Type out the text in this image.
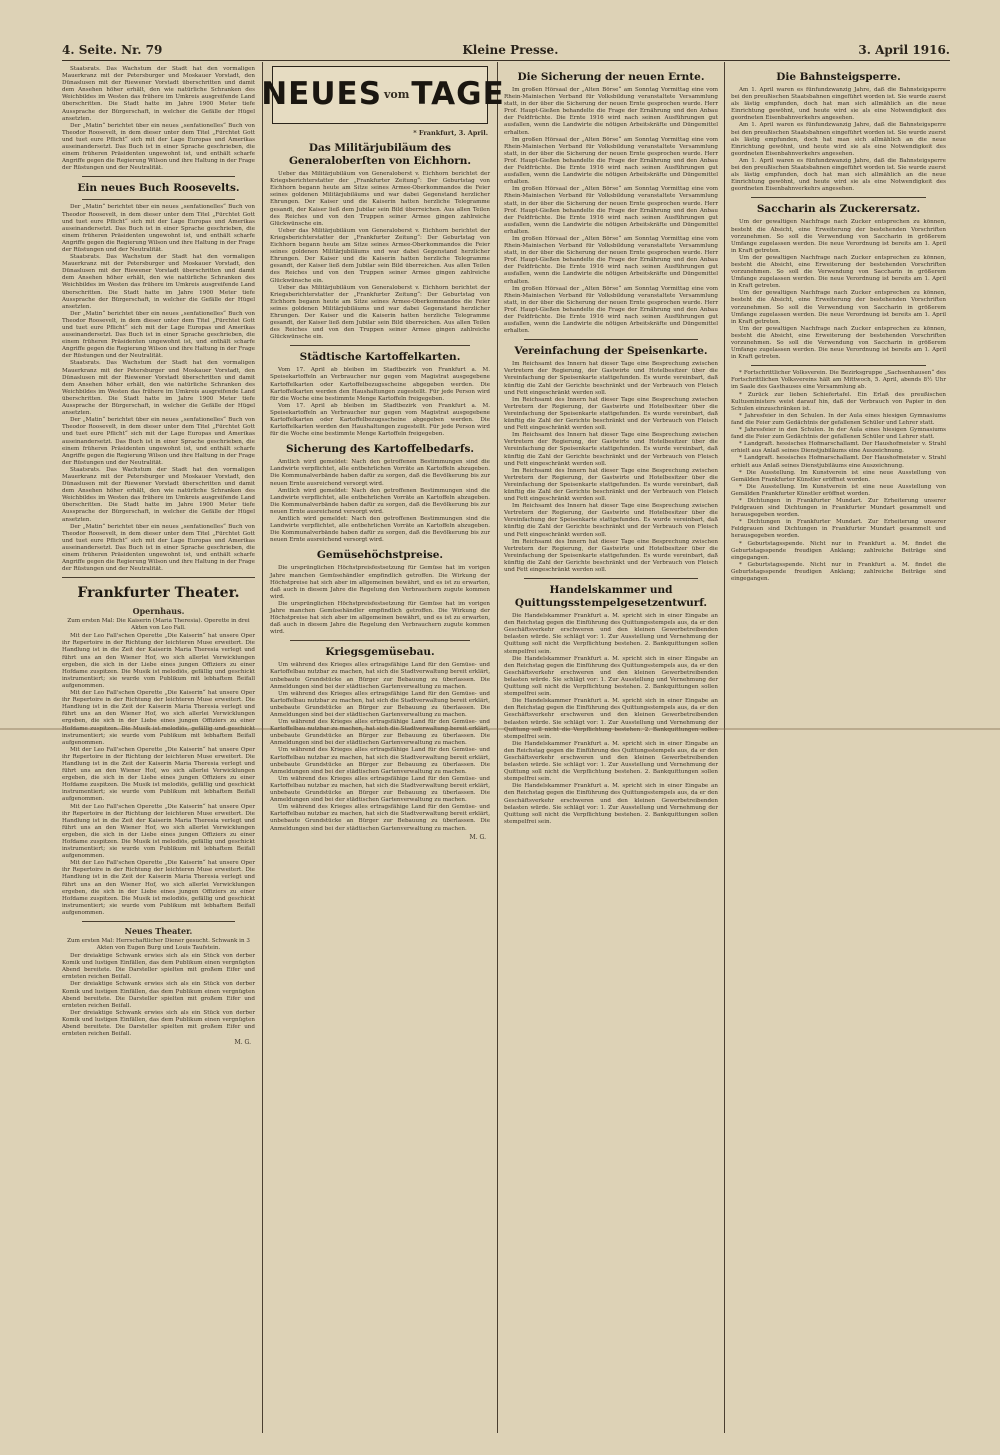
4. Seite. Nr. 79	Kleine Presse.	3. April 1916.

Staatsrats. Das Wachstum der Stadt hat den vormaligen Mauerkranz mit der Petersburger und Moskauer Vorstadt, den Dünaslusen mit der Riewener Vorstadt überschritten und damit dem Ansehen höher erhält, den wie natürliche Schranken des Weichbildes im Westen das frühere im Umkreis ausgreifende Land überschritten. Die Stadt hatte im Jahre 1900 Meter tiefe Aussprache der Bürgerschaft, in welcher die Gefälle der Hügel ansetzten.

Der „Matin“ berichtet über ein neues „senfationelles“ Buch von Theodor Roosevelt, in dem dieser unter dem Titel „Fürchtet Gott und tuet eure Pflicht“ sich mit der Lage Europas und Amerikas auseinandersetzt. Das Buch ist in einer Sprache geschrieben, die einem früheren Präsidenten ungewohnt ist, und enthält scharfe Angriffe gegen die Regierung Wilson und ihre Haltung in der Frage der Rüstungen und der Neutralität.

Ein neues Buch Roosevelts.

Der „Matin“ berichtet über ein neues „senfationelles“ Buch von Theodor Roosevelt, in dem dieser unter dem Titel „Fürchtet Gott und tuet eure Pflicht“ sich mit der Lage Europas und Amerikas auseinandersetzt. Das Buch ist in einer Sprache geschrieben, die einem früheren Präsidenten ungewohnt ist, und enthält scharfe Angriffe gegen die Regierung Wilson und ihre Haltung in der Frage der Rüstungen und der Neutralität.

Staatsrats. Das Wachstum der Stadt hat den vormaligen Mauerkranz mit der Petersburger und Moskauer Vorstadt, den Dünaslusen mit der Riewener Vorstadt überschritten und damit dem Ansehen höher erhält, den wie natürliche Schranken des Weichbildes im Westen das frühere im Umkreis ausgreifende Land überschritten. Die Stadt hatte im Jahre 1900 Meter tiefe Aussprache der Bürgerschaft, in welcher die Gefälle der Hügel ansetzten.

Der „Matin“ berichtet über ein neues „senfationelles“ Buch von Theodor Roosevelt, in dem dieser unter dem Titel „Fürchtet Gott und tuet eure Pflicht“ sich mit der Lage Europas und Amerikas auseinandersetzt. Das Buch ist in einer Sprache geschrieben, die einem früheren Präsidenten ungewohnt ist, und enthält scharfe Angriffe gegen die Regierung Wilson und ihre Haltung in der Frage der Rüstungen und der Neutralität.

Staatsrats. Das Wachstum der Stadt hat den vormaligen Mauerkranz mit der Petersburger und Moskauer Vorstadt, den Dünaslusen mit der Riewener Vorstadt überschritten und damit dem Ansehen höher erhält, den wie natürliche Schranken des Weichbildes im Westen das frühere im Umkreis ausgreifende Land überschritten. Die Stadt hatte im Jahre 1900 Meter tiefe Aussprache der Bürgerschaft, in welcher die Gefälle der Hügel ansetzten.

Der „Matin“ berichtet über ein neues „senfationelles“ Buch von Theodor Roosevelt, in dem dieser unter dem Titel „Fürchtet Gott und tuet eure Pflicht“ sich mit der Lage Europas und Amerikas auseinandersetzt. Das Buch ist in einer Sprache geschrieben, die einem früheren Präsidenten ungewohnt ist, und enthält scharfe Angriffe gegen die Regierung Wilson und ihre Haltung in der Frage der Rüstungen und der Neutralität.

Staatsrats. Das Wachstum der Stadt hat den vormaligen Mauerkranz mit der Petersburger und Moskauer Vorstadt, den Dünaslusen mit der Riewener Vorstadt überschritten und damit dem Ansehen höher erhält, den wie natürliche Schranken des Weichbildes im Westen das frühere im Umkreis ausgreifende Land überschritten. Die Stadt hatte im Jahre 1900 Meter tiefe Aussprache der Bürgerschaft, in welcher die Gefälle der Hügel ansetzten.

Der „Matin“ berichtet über ein neues „senfationelles“ Buch von Theodor Roosevelt, in dem dieser unter dem Titel „Fürchtet Gott und tuet eure Pflicht“ sich mit der Lage Europas und Amerikas auseinandersetzt. Das Buch ist in einer Sprache geschrieben, die einem früheren Präsidenten ungewohnt ist, und enthält scharfe Angriffe gegen die Regierung Wilson und ihre Haltung in der Frage der Rüstungen und der Neutralität.

Frankfurter Theater.
Opernhaus.
Zum ersten Mal: Die Kaiserin (Maria Theresia). Operette in drei Akten von Leo Fall.

Mit der Leo Fall'schen Operette „Die Kaiserin“ hat unsere Oper ihr Repertoire in der Richtung der leichteren Muse erweitert. Die Handlung ist in die Zeit der Kaiserin Maria Theresia verlegt und führt uns an den Wiener Hof, wo sich allerlei Verwicklungen ergeben, die sich in der Liebe eines jungen Offiziers zu einer Hofdame zuspitzen. Die Musik ist melodiös, gefällig und geschickt instrumentiert; sie wurde vom Publikum mit lebhaftem Beifall aufgenommen.

Mit der Leo Fall'schen Operette „Die Kaiserin“ hat unsere Oper ihr Repertoire in der Richtung der leichteren Muse erweitert. Die Handlung ist in die Zeit der Kaiserin Maria Theresia verlegt und führt uns an den Wiener Hof, wo sich allerlei Verwicklungen ergeben, die sich in der Liebe eines jungen Offiziers zu einer Hofdame zuspitzen. Die Musik ist melodiös, gefällig und geschickt instrumentiert; sie wurde vom Publikum mit lebhaftem Beifall aufgenommen.

Mit der Leo Fall'schen Operette „Die Kaiserin“ hat unsere Oper ihr Repertoire in der Richtung der leichteren Muse erweitert. Die Handlung ist in die Zeit der Kaiserin Maria Theresia verlegt und führt uns an den Wiener Hof, wo sich allerlei Verwicklungen ergeben, die sich in der Liebe eines jungen Offiziers zu einer Hofdame zuspitzen. Die Musik ist melodiös, gefällig und geschickt instrumentiert; sie wurde vom Publikum mit lebhaftem Beifall aufgenommen.

Mit der Leo Fall'schen Operette „Die Kaiserin“ hat unsere Oper ihr Repertoire in der Richtung der leichteren Muse erweitert. Die Handlung ist in die Zeit der Kaiserin Maria Theresia verlegt und führt uns an den Wiener Hof, wo sich allerlei Verwicklungen ergeben, die sich in der Liebe eines jungen Offiziers zu einer Hofdame zuspitzen. Die Musik ist melodiös, gefällig und geschickt instrumentiert; sie wurde vom Publikum mit lebhaftem Beifall aufgenommen.

Mit der Leo Fall'schen Operette „Die Kaiserin“ hat unsere Oper ihr Repertoire in der Richtung der leichteren Muse erweitert. Die Handlung ist in die Zeit der Kaiserin Maria Theresia verlegt und führt uns an den Wiener Hof, wo sich allerlei Verwicklungen ergeben, die sich in der Liebe eines jungen Offiziers zu einer Hofdame zuspitzen. Die Musik ist melodiös, gefällig und geschickt instrumentiert; sie wurde vom Publikum mit lebhaftem Beifall aufgenommen.

Neues Theater.
Zum ersten Mal: Herrschaftlicher Diener gesucht. Schwank in 3 Akten von Eugen Burg und Louis Taufstein.

Der dreiaktige Schwank erwies sich als ein Stück von derber Komik und lustigen Einfällen, das dem Publikum einen vergnügten Abend bereitete. Die Darsteller spielten mit großem Eifer und ernteten reichen Beifall.

Der dreiaktige Schwank erwies sich als ein Stück von derber Komik und lustigen Einfällen, das dem Publikum einen vergnügten Abend bereitete. Die Darsteller spielten mit großem Eifer und ernteten reichen Beifall.

Der dreiaktige Schwank erwies sich als ein Stück von derber Komik und lustigen Einfällen, das dem Publikum einen vergnügten Abend bereitete. Die Darsteller spielten mit großem Eifer und ernteten reichen Beifall.

M. G.
NEUES vom TAGE
* Frankfurt, 3. April.
Das Militärjubiläum des Generaloberſten von Eichhorn.

Ueber das Militärjubiläum von Generaloberst v. Eichhorn berichtet der Kriegsberichterstatter der „Frankfurter Zeitung“: Der Geburtstag von Eichhorn begann heute am Sitze seines Armee-Oberkommandos die Feier seines goldenen Militärjubiläums und war dabei Gegenstand herzlicher Ehrungen. Der Kaiser und die Kaiserin hatten herzliche Telegramme gesandt, der Kaiser ließ dem Jubilar sein Bild überreichen. Aus allen Teilen des Reiches und von den Truppen seiner Armee gingen zahlreiche Glückwünsche ein.

Ueber das Militärjubiläum von Generaloberst v. Eichhorn berichtet der Kriegsberichterstatter der „Frankfurter Zeitung“: Der Geburtstag von Eichhorn begann heute am Sitze seines Armee-Oberkommandos die Feier seines goldenen Militärjubiläums und war dabei Gegenstand herzlicher Ehrungen. Der Kaiser und die Kaiserin hatten herzliche Telegramme gesandt, der Kaiser ließ dem Jubilar sein Bild überreichen. Aus allen Teilen des Reiches und von den Truppen seiner Armee gingen zahlreiche Glückwünsche ein.

Ueber das Militärjubiläum von Generaloberst v. Eichhorn berichtet der Kriegsberichterstatter der „Frankfurter Zeitung“: Der Geburtstag von Eichhorn begann heute am Sitze seines Armee-Oberkommandos die Feier seines goldenen Militärjubiläums und war dabei Gegenstand herzlicher Ehrungen. Der Kaiser und die Kaiserin hatten herzliche Telegramme gesandt, der Kaiser ließ dem Jubilar sein Bild überreichen. Aus allen Teilen des Reiches und von den Truppen seiner Armee gingen zahlreiche Glückwünsche ein.

Städtische Kartoffelkarten.

Vom 17. April ab bleiben im Stadtbezirk von Frankfurt a. M. Speisekartoffeln an Verbraucher nur gegen vom Magistrat ausgegebene Kartoffelkarten oder Kartoffelbezugsscheine abgegeben werden. Die Kartoffelkarten werden den Haushaltungen zugestellt. Für jede Person wird für die Woche eine bestimmte Menge Kartoffeln freigegeben.

Vom 17. April ab bleiben im Stadtbezirk von Frankfurt a. M. Speisekartoffeln an Verbraucher nur gegen vom Magistrat ausgegebene Kartoffelkarten oder Kartoffelbezugsscheine abgegeben werden. Die Kartoffelkarten werden den Haushaltungen zugestellt. Für jede Person wird für die Woche eine bestimmte Menge Kartoffeln freigegeben.

Sicherung des Kartoffelbedarfs.

Amtlich wird gemeldet: Nach den getroffenen Bestimmungen sind die Landwirte verpflichtet, alle entbehrlichen Vorräte an Kartoffeln abzugeben. Die Kommunalverbände haben dafür zu sorgen, daß die Bevölkerung bis zur neuen Ernte ausreichend versorgt wird.

Amtlich wird gemeldet: Nach den getroffenen Bestimmungen sind die Landwirte verpflichtet, alle entbehrlichen Vorräte an Kartoffeln abzugeben. Die Kommunalverbände haben dafür zu sorgen, daß die Bevölkerung bis zur neuen Ernte ausreichend versorgt wird.

Amtlich wird gemeldet: Nach den getroffenen Bestimmungen sind die Landwirte verpflichtet, alle entbehrlichen Vorräte an Kartoffeln abzugeben. Die Kommunalverbände haben dafür zu sorgen, daß die Bevölkerung bis zur neuen Ernte ausreichend versorgt wird.

Gemüsehöchstpreise.

Die ursprünglichen Höchstpreisfestsetzung für Gemüse hat im vorigen Jahre manchen Gemüsehändler empfindlich getroffen. Die Wirkung der Höchstpreise hat sich aber im allgemeinen bewährt, und es ist zu erwarten, daß auch in diesem Jahre die Regelung den Verbrauchern zugute kommen wird.

Die ursprünglichen Höchstpreisfestsetzung für Gemüse hat im vorigen Jahre manchen Gemüsehändler empfindlich getroffen. Die Wirkung der Höchstpreise hat sich aber im allgemeinen bewährt, und es ist zu erwarten, daß auch in diesem Jahre die Regelung den Verbrauchern zugute kommen wird.

Kriegsgemüsebau.

Um während des Krieges alles ertragsfähige Land für den Gemüse- und Kartoffelbau nutzbar zu machen, hat sich die Stadtverwaltung bereit erklärt, unbebaute Grundstücke an Bürger zur Bebauung zu überlassen. Die Anmeldungen sind bei der städtischen Gartenverwaltung zu machen.

Um während des Krieges alles ertragsfähige Land für den Gemüse- und Kartoffelbau nutzbar zu machen, hat sich die Stadtverwaltung bereit erklärt, unbebaute Grundstücke an Bürger zur Bebauung zu überlassen. Die Anmeldungen sind bei der städtischen Gartenverwaltung zu machen.

Um während des Krieges alles ertragsfähige Land für den Gemüse- und Kartoffelbau nutzbar zu machen, hat sich die Stadtverwaltung bereit erklärt, unbebaute Grundstücke an Bürger zur Bebauung zu überlassen. Die Anmeldungen sind bei der städtischen Gartenverwaltung zu machen.

Um während des Krieges alles ertragsfähige Land für den Gemüse- und Kartoffelbau nutzbar zu machen, hat sich die Stadtverwaltung bereit erklärt, unbebaute Grundstücke an Bürger zur Bebauung zu überlassen. Die Anmeldungen sind bei der städtischen Gartenverwaltung zu machen.

Um während des Krieges alles ertragsfähige Land für den Gemüse- und Kartoffelbau nutzbar zu machen, hat sich die Stadtverwaltung bereit erklärt, unbebaute Grundstücke an Bürger zur Bebauung zu überlassen. Die Anmeldungen sind bei der städtischen Gartenverwaltung zu machen.

Um während des Krieges alles ertragsfähige Land für den Gemüse- und Kartoffelbau nutzbar zu machen, hat sich die Stadtverwaltung bereit erklärt, unbebaute Grundstücke an Bürger zur Bebauung zu überlassen. Die Anmeldungen sind bei der städtischen Gartenverwaltung zu machen.

M. G.
Die Sicherung der neuen Ernte.

Im großen Hörsaal der „Alten Börse“ am Sonntag Vormittag eine vom Rhein-Mainischen Verband für Volksbildung veranstaltete Versammlung statt, in der über die Sicherung der neuen Ernte gesprochen wurde. Herr Prof. Haupt-Gießen behandelte die Frage der Ernährung und den Anbau der Feldfrüchte. Die Ernte 1916 wird nach seinen Ausführungen gut ausfallen, wenn die Landwirte die nötigen Arbeitskräfte und Düngemittel erhalten.

Im großen Hörsaal der „Alten Börse“ am Sonntag Vormittag eine vom Rhein-Mainischen Verband für Volksbildung veranstaltete Versammlung statt, in der über die Sicherung der neuen Ernte gesprochen wurde. Herr Prof. Haupt-Gießen behandelte die Frage der Ernährung und den Anbau der Feldfrüchte. Die Ernte 1916 wird nach seinen Ausführungen gut ausfallen, wenn die Landwirte die nötigen Arbeitskräfte und Düngemittel erhalten.

Im großen Hörsaal der „Alten Börse“ am Sonntag Vormittag eine vom Rhein-Mainischen Verband für Volksbildung veranstaltete Versammlung statt, in der über die Sicherung der neuen Ernte gesprochen wurde. Herr Prof. Haupt-Gießen behandelte die Frage der Ernährung und den Anbau der Feldfrüchte. Die Ernte 1916 wird nach seinen Ausführungen gut ausfallen, wenn die Landwirte die nötigen Arbeitskräfte und Düngemittel erhalten.

Im großen Hörsaal der „Alten Börse“ am Sonntag Vormittag eine vom Rhein-Mainischen Verband für Volksbildung veranstaltete Versammlung statt, in der über die Sicherung der neuen Ernte gesprochen wurde. Herr Prof. Haupt-Gießen behandelte die Frage der Ernährung und den Anbau der Feldfrüchte. Die Ernte 1916 wird nach seinen Ausführungen gut ausfallen, wenn die Landwirte die nötigen Arbeitskräfte und Düngemittel erhalten.

Im großen Hörsaal der „Alten Börse“ am Sonntag Vormittag eine vom Rhein-Mainischen Verband für Volksbildung veranstaltete Versammlung statt, in der über die Sicherung der neuen Ernte gesprochen wurde. Herr Prof. Haupt-Gießen behandelte die Frage der Ernährung und den Anbau der Feldfrüchte. Die Ernte 1916 wird nach seinen Ausführungen gut ausfallen, wenn die Landwirte die nötigen Arbeitskräfte und Düngemittel erhalten.

Vereinfachung der Speisenkarte.

Im Reichsamt des Innern hat dieser Tage eine Besprechung zwischen Vertretern der Regierung, der Gastwirte und Hotelbesitzer über die Vereinfachung der Speisenkarte stattgefunden. Es wurde vereinbart, daß künftig die Zahl der Gerichte beschränkt und der Verbrauch von Fleisch und Fett eingeschränkt werden soll.

Im Reichsamt des Innern hat dieser Tage eine Besprechung zwischen Vertretern der Regierung, der Gastwirte und Hotelbesitzer über die Vereinfachung der Speisenkarte stattgefunden. Es wurde vereinbart, daß künftig die Zahl der Gerichte beschränkt und der Verbrauch von Fleisch und Fett eingeschränkt werden soll.

Im Reichsamt des Innern hat dieser Tage eine Besprechung zwischen Vertretern der Regierung, der Gastwirte und Hotelbesitzer über die Vereinfachung der Speisenkarte stattgefunden. Es wurde vereinbart, daß künftig die Zahl der Gerichte beschränkt und der Verbrauch von Fleisch und Fett eingeschränkt werden soll.

Im Reichsamt des Innern hat dieser Tage eine Besprechung zwischen Vertretern der Regierung, der Gastwirte und Hotelbesitzer über die Vereinfachung der Speisenkarte stattgefunden. Es wurde vereinbart, daß künftig die Zahl der Gerichte beschränkt und der Verbrauch von Fleisch und Fett eingeschränkt werden soll.

Im Reichsamt des Innern hat dieser Tage eine Besprechung zwischen Vertretern der Regierung, der Gastwirte und Hotelbesitzer über die Vereinfachung der Speisenkarte stattgefunden. Es wurde vereinbart, daß künftig die Zahl der Gerichte beschränkt und der Verbrauch von Fleisch und Fett eingeschränkt werden soll.

Im Reichsamt des Innern hat dieser Tage eine Besprechung zwischen Vertretern der Regierung, der Gastwirte und Hotelbesitzer über die Vereinfachung der Speisenkarte stattgefunden. Es wurde vereinbart, daß künftig die Zahl der Gerichte beschränkt und der Verbrauch von Fleisch und Fett eingeschränkt werden soll.

Handelskammer und Quittungsstempelgesetzentwurf.

Die Handelskammer Frankfurt a. M. spricht sich in einer Eingabe an den Reichstag gegen die Einführung des Quittungsstempels aus, da er den Geschäftsverkehr erschweren und den kleinen Gewerbetreibenden belasten würde. Sie schlägt vor: 1. Zur Ausstellung und Vernehmung der Quittung soll nicht die Verpflichtung bestehen. 2. Bankquittungen sollen stempelfrei sein.

Die Handelskammer Frankfurt a. M. spricht sich in einer Eingabe an den Reichstag gegen die Einführung des Quittungsstempels aus, da er den Geschäftsverkehr erschweren und den kleinen Gewerbetreibenden belasten würde. Sie schlägt vor: 1. Zur Ausstellung und Vernehmung der Quittung soll nicht die Verpflichtung bestehen. 2. Bankquittungen sollen stempelfrei sein.

Die Handelskammer Frankfurt a. M. spricht sich in einer Eingabe an den Reichstag gegen die Einführung des Quittungsstempels aus, da er den Geschäftsverkehr erschweren und den kleinen Gewerbetreibenden belasten würde. Sie schlägt vor: 1. Zur Ausstellung und Vernehmung der Quittung soll nicht die Verpflichtung bestehen. 2. Bankquittungen sollen stempelfrei sein.

Die Handelskammer Frankfurt a. M. spricht sich in einer Eingabe an den Reichstag gegen die Einführung des Quittungsstempels aus, da er den Geschäftsverkehr erschweren und den kleinen Gewerbetreibenden belasten würde. Sie schlägt vor: 1. Zur Ausstellung und Vernehmung der Quittung soll nicht die Verpflichtung bestehen. 2. Bankquittungen sollen stempelfrei sein.

Die Handelskammer Frankfurt a. M. spricht sich in einer Eingabe an den Reichstag gegen die Einführung des Quittungsstempels aus, da er den Geschäftsverkehr erschweren und den kleinen Gewerbetreibenden belasten würde. Sie schlägt vor: 1. Zur Ausstellung und Vernehmung der Quittung soll nicht die Verpflichtung bestehen. 2. Bankquittungen sollen stempelfrei sein.

Die Bahnsteigsperre.

Am 1. April waren es fünfundzwanzig Jahre, daß die Bahnsteigsperre bei den preußischen Staatsbahnen eingeführt worden ist. Sie wurde zuerst als lästig empfunden, doch hat man sich allmählich an die neue Einrichtung gewöhnt, und heute wird sie als eine Notwendigkeit des geordneten Eisenbahnverkehrs angesehen.

Am 1. April waren es fünfundzwanzig Jahre, daß die Bahnsteigsperre bei den preußischen Staatsbahnen eingeführt worden ist. Sie wurde zuerst als lästig empfunden, doch hat man sich allmählich an die neue Einrichtung gewöhnt, und heute wird sie als eine Notwendigkeit des geordneten Eisenbahnverkehrs angesehen.

Am 1. April waren es fünfundzwanzig Jahre, daß die Bahnsteigsperre bei den preußischen Staatsbahnen eingeführt worden ist. Sie wurde zuerst als lästig empfunden, doch hat man sich allmählich an die neue Einrichtung gewöhnt, und heute wird sie als eine Notwendigkeit des geordneten Eisenbahnverkehrs angesehen.

Saccharin als Zuckerersatz.

Um der gewaltigen Nachfrage nach Zucker entsprechen zu können, besteht die Absicht, eine Erweiterung der bestehenden Vorschriften vorzunehmen. So soll die Verwendung von Saccharin in größerem Umfange zugelassen werden. Die neue Verordnung ist bereits am 1. April in Kraft getreten.

Um der gewaltigen Nachfrage nach Zucker entsprechen zu können, besteht die Absicht, eine Erweiterung der bestehenden Vorschriften vorzunehmen. So soll die Verwendung von Saccharin in größerem Umfange zugelassen werden. Die neue Verordnung ist bereits am 1. April in Kraft getreten.

Um der gewaltigen Nachfrage nach Zucker entsprechen zu können, besteht die Absicht, eine Erweiterung der bestehenden Vorschriften vorzunehmen. So soll die Verwendung von Saccharin in größerem Umfange zugelassen werden. Die neue Verordnung ist bereits am 1. April in Kraft getreten.

Um der gewaltigen Nachfrage nach Zucker entsprechen zu können, besteht die Absicht, eine Erweiterung der bestehenden Vorschriften vorzunehmen. So soll die Verwendung von Saccharin in größerem Umfange zugelassen werden. Die neue Verordnung ist bereits am 1. April in Kraft getreten.

* Fortschrittlicher Volksverein. Die Bezirksgruppe „Sachsenhausen“ des Fortschrittlichen Volksvereins hält am Mittwoch, 5. April, abends 8½ Uhr im Saale des Gasthauses eine Versammlung ab.

* Zurück zur lieben Schiefertafel. Ein Erlaß des preußischen Kultusministers weist darauf hin, daß der Verbrauch von Papier in den Schulen einzuschränken ist.

* Jahresfeier in den Schulen. In der Aula eines hiesigen Gymnasiums fand die Feier zum Gedächtnis der gefallenen Schüler und Lehrer statt.

* Jahresfeier in den Schulen. In der Aula eines hiesigen Gymnasiums fand die Feier zum Gedächtnis der gefallenen Schüler und Lehrer statt.

* Landgraft. hessisches Hofmarschallamt. Der Haushofmeister v. Strahl erhielt aus Anlaß seines Dienstjubiläums eine Auszeichnung.

* Landgraft. hessisches Hofmarschallamt. Der Haushofmeister v. Strahl erhielt aus Anlaß seines Dienstjubiläums eine Auszeichnung.

* Die Ausstellung. Im Kunstverein ist eine neue Ausstellung von Gemälden Frankfurter Künstler eröffnet worden.

* Die Ausstellung. Im Kunstverein ist eine neue Ausstellung von Gemälden Frankfurter Künstler eröffnet worden.

* Dichtungen in Frankfurter Mundart. Zur Erheiterung unserer Feldgrauen sind Dichtungen in Frankfurter Mundart gesammelt und herausgegeben worden.

* Dichtungen in Frankfurter Mundart. Zur Erheiterung unserer Feldgrauen sind Dichtungen in Frankfurter Mundart gesammelt und herausgegeben worden.

* Geburtstagsspende. Nicht nur in Frankfurt a. M. findet die Geburtstagsspende freudigen Anklang; zahlreiche Beiträge sind eingegangen.

* Geburtstagsspende. Nicht nur in Frankfurt a. M. findet die Geburtstagsspende freudigen Anklang; zahlreiche Beiträge sind eingegangen.
